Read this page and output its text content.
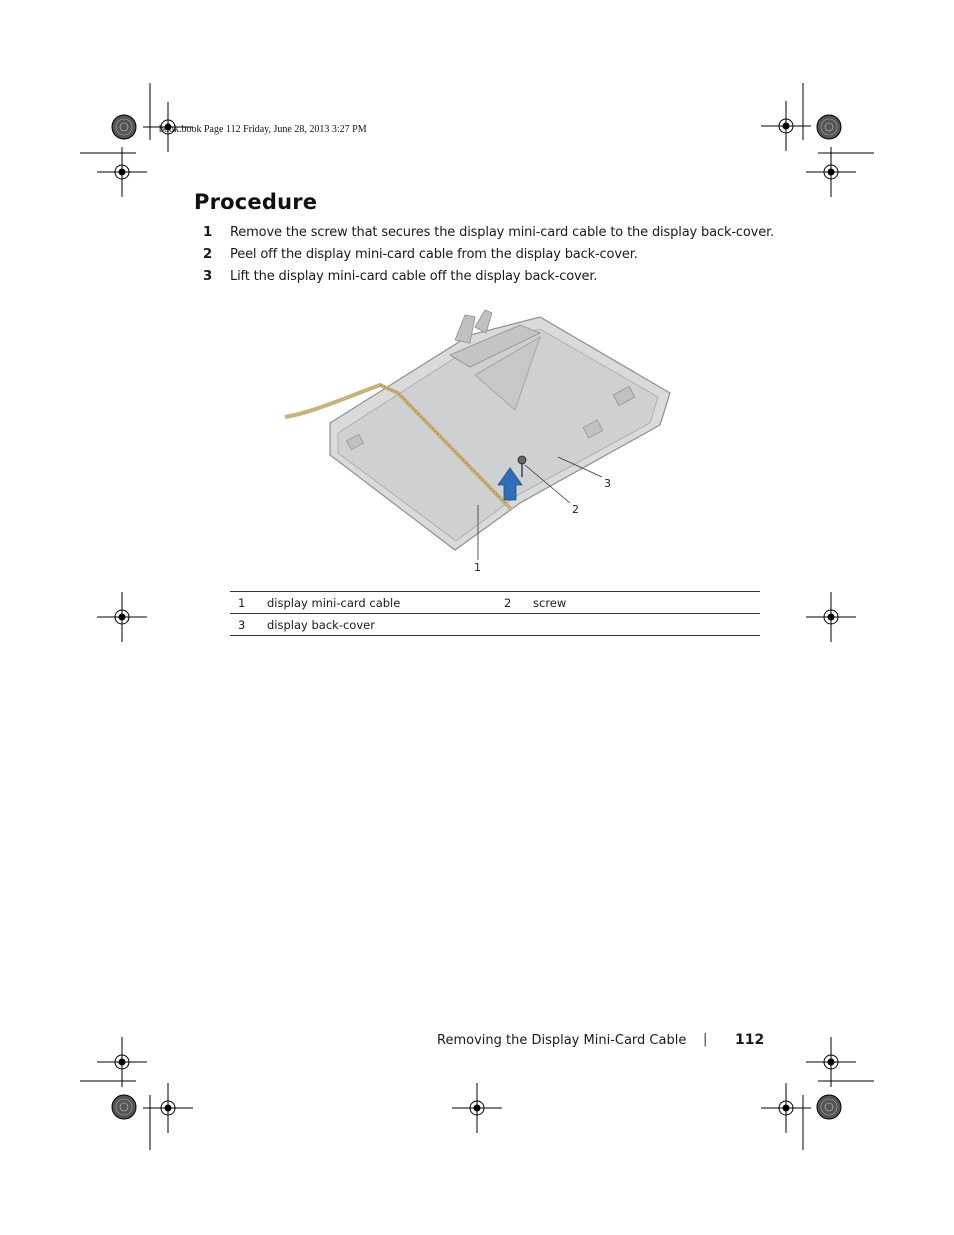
book.book Page 112 Friday, June 28, 2013 3:27 PM
Procedure
1	Remove the screw that secures the display mini-card cable to the display back-cover.
2	Peel off the display mini-card cable from the display back-cover.
3	Lift the display mini-card cable off the display back-cover.
1
2
3
1 display mini-card cable	2 screw
3 display back-cover
Removing the Display Mini-Card Cable | 112
